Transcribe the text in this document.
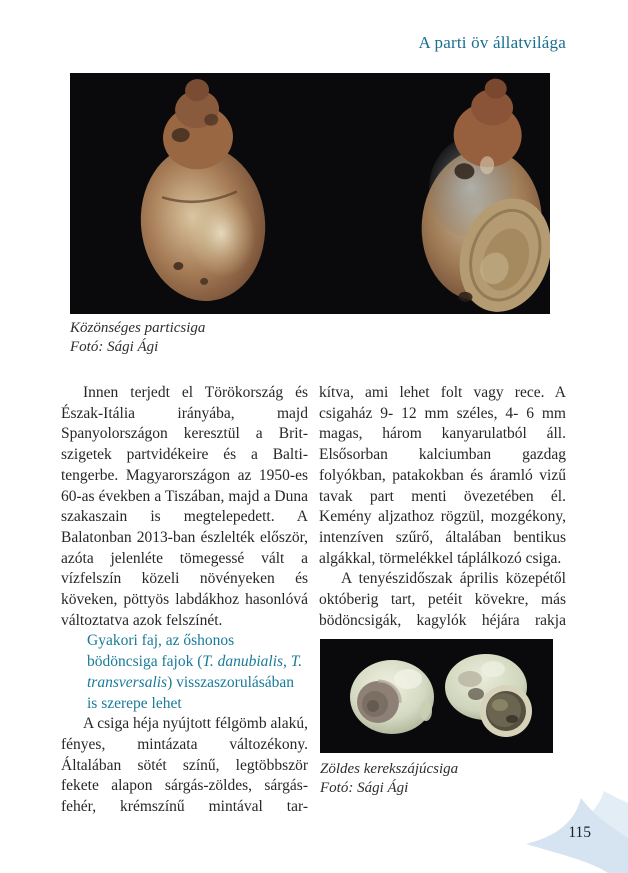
A parti öv állatvilága
Közönséges particsiga
Fotó: Sági Ági

Innen terjedt el Törökország és Észak-Itália irányába, majd Spanyolországon keresztül a Brit-szigetek partvidékeire és a Balti-tengerbe. Magyarországon az 1950-es 60-as években a Tiszában, majd a Duna szakaszain is megtelepedett. A Balatonban 2013-ban észlelték először, azóta jelenléte tömegessé vált a vízfelszín közeli növényeken és köveken, pöttyös labdákhoz hasonlóvá változtatva azok felszínét.

Gyakori faj, az őshonos bödöncsiga fajok (T. danubialis, T. transversalis) visszaszorulásában is szerepe lehet

A csiga héja nyújtott félgömb alakú, fényes, mintázata változékony. Általában sötét színű, legtöbbször fekete alapon sárgás-zöldes, sárgás-fehér, krémszínű mintával tar-

kítva, ami lehet folt vagy rece. A csigaház 9- 12 mm széles, 4- 6 mm magas, három kanyarulatból áll. Elsősorban kalciumban gazdag folyókban, patakokban és áramló vizű tavak part menti övezetében él. Kemény aljzathoz rögzül, mozgékony, intenzíven szűrő, általában bentikus algákkal, törmelékkel táplálkozó csiga.

A tenyészidőszak április közepétől októberig tart, petéit kövekre, más bödöncsigák, kagylók héjára rakja

Zöldes kerekszájúcsiga
Fotó: Sági Ági
115
